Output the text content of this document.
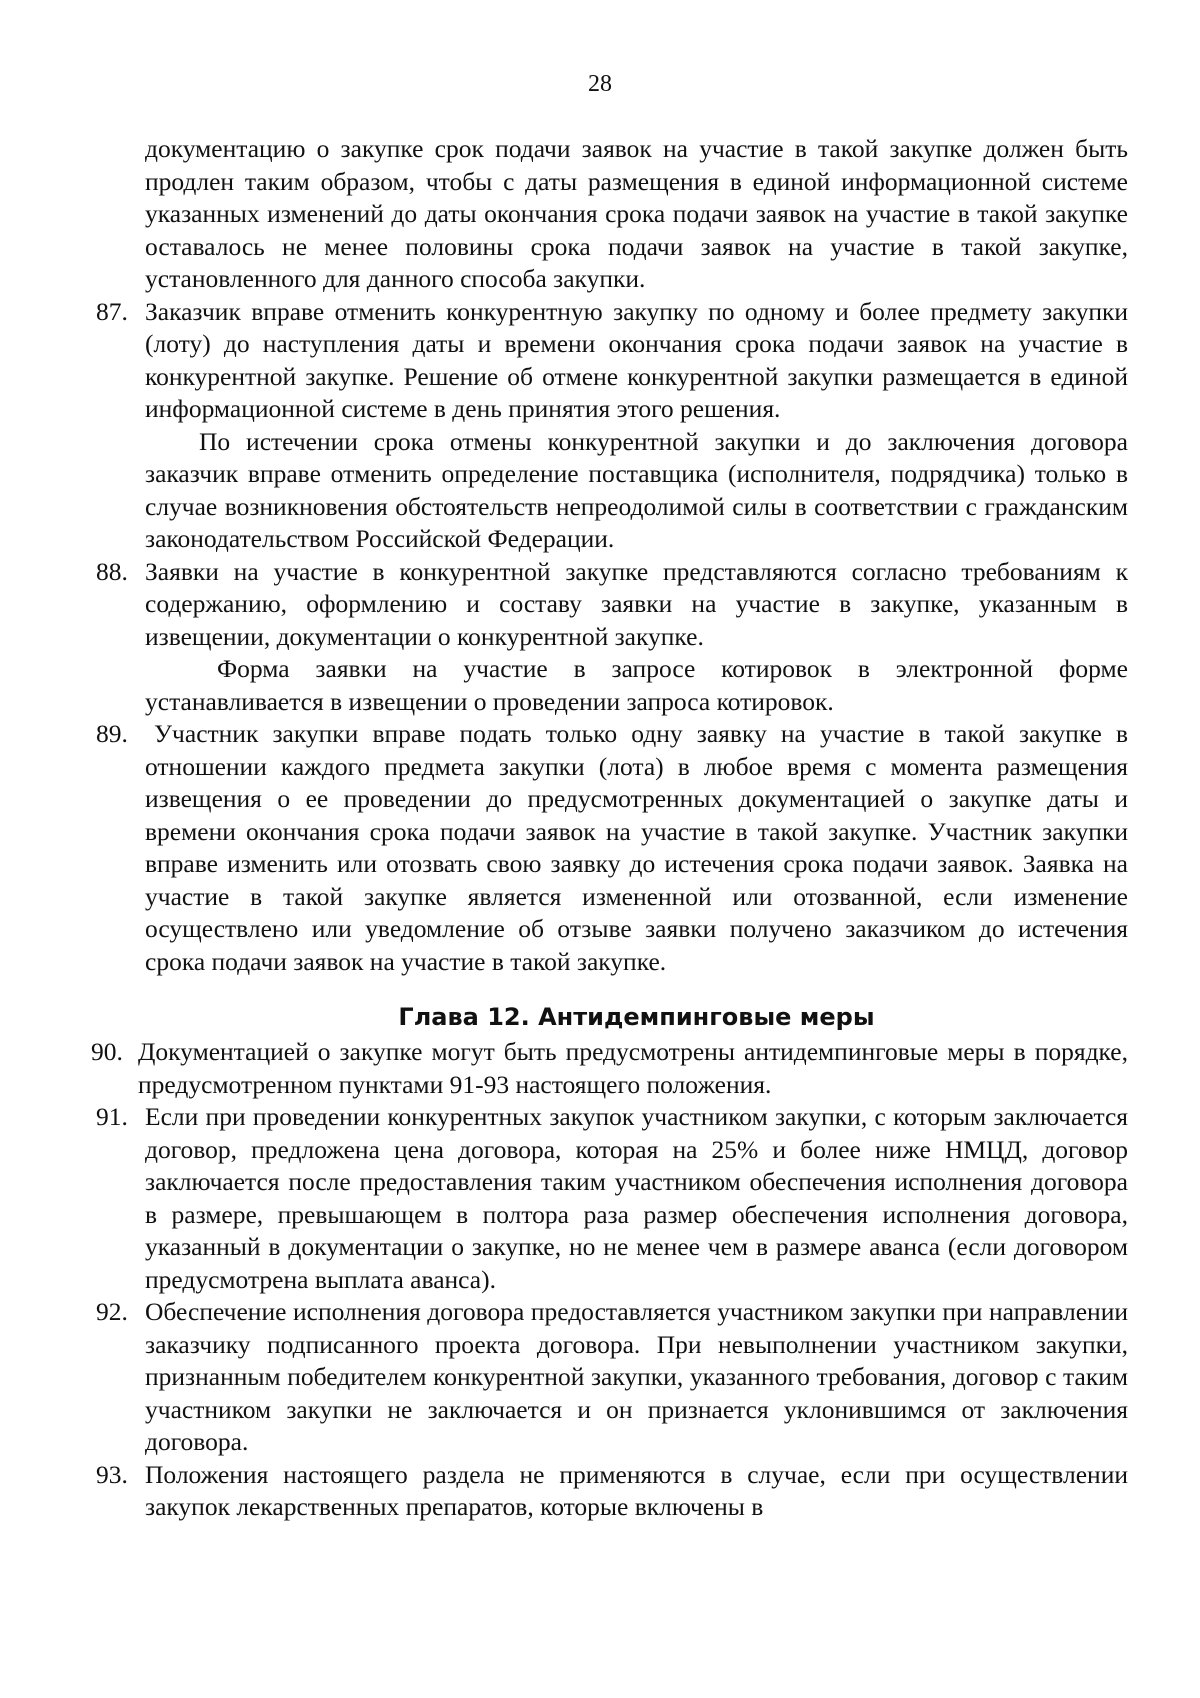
28

документацию о закупке срок подачи заявок на участие в такой закупке должен быть продлен таким образом, чтобы с даты размещения в единой информационной системе указанных изменений до даты окончания срока подачи заявок на участие в такой закупке оставалось не менее половины срока подачи заявок на участие в такой закупке, установленного для данного способа закупки.

87. Заказчик вправе отменить конкурентную закупку по одному и более предмету закупки (лоту) до наступления даты и времени окончания срока подачи заявок на участие в конкурентной закупке. Решение об отмене конкурентной закупки размещается в единой информационной системе в день принятия этого решения.

По истечении срока отмены конкурентной закупки и до заключения договора заказчик вправе отменить определение поставщика (исполнителя, подрядчика) только в случае возникновения обстоятельств непреодолимой силы в соответствии с гражданским законодательством Российской Федерации.

88. Заявки на участие в конкурентной закупке представляются согласно требованиям к содержанию, оформлению и составу заявки на участие в закупке, указанным в извещении, документации о конкурентной закупке.

Форма заявки на участие в запросе котировок в электронной форме устанавливается в извещении о проведении запроса котировок.

89.	Участник закупки вправе подать только одну заявку на участие в такой закупке в отношении каждого предмета закупки (лота) в любое время с момента размещения извещения о ее проведении до предусмотренных документацией о закупке даты и времени окончания срока подачи заявок на участие в такой закупке. Участник закупки вправе изменить или отозвать свою заявку до истечения срока подачи заявок. Заявка на участие в такой закупке является измененной или отозванной, если изменение осуществлено или уведомление об отзыве заявки получено заказчиком до истечения срока подачи заявок на участие в такой закупке.

Глава 12. Антидемпинговые меры
90. Документацией о закупке могут быть предусмотрены антидемпинговые меры в порядке, предусмотренном пунктами 91-93 настоящего положения.

91. Если при проведении конкурентных закупок участником закупки, с которым заключается договор, предложена цена договора, которая на 25% и более ниже НМЦД, договор заключается после предоставления таким участником обеспечения исполнения договора в размере, превышающем в полтора раза размер обеспечения исполнения договора, указанный в документации о закупке, но не менее чем в размере аванса (если договором предусмотрена выплата аванса).

92. Обеспечение исполнения договора предоставляется участником закупки при направлении заказчику подписанного проекта договора. При невыполнении участником закупки, признанным победителем конкурентной закупки, указанного требования, договор с таким участником закупки не заключается и он признается уклонившимся от заключения договора.

93. Положения настоящего раздела не применяются в случае, если при осуществлении закупок лекарственных препаратов, которые включены в
